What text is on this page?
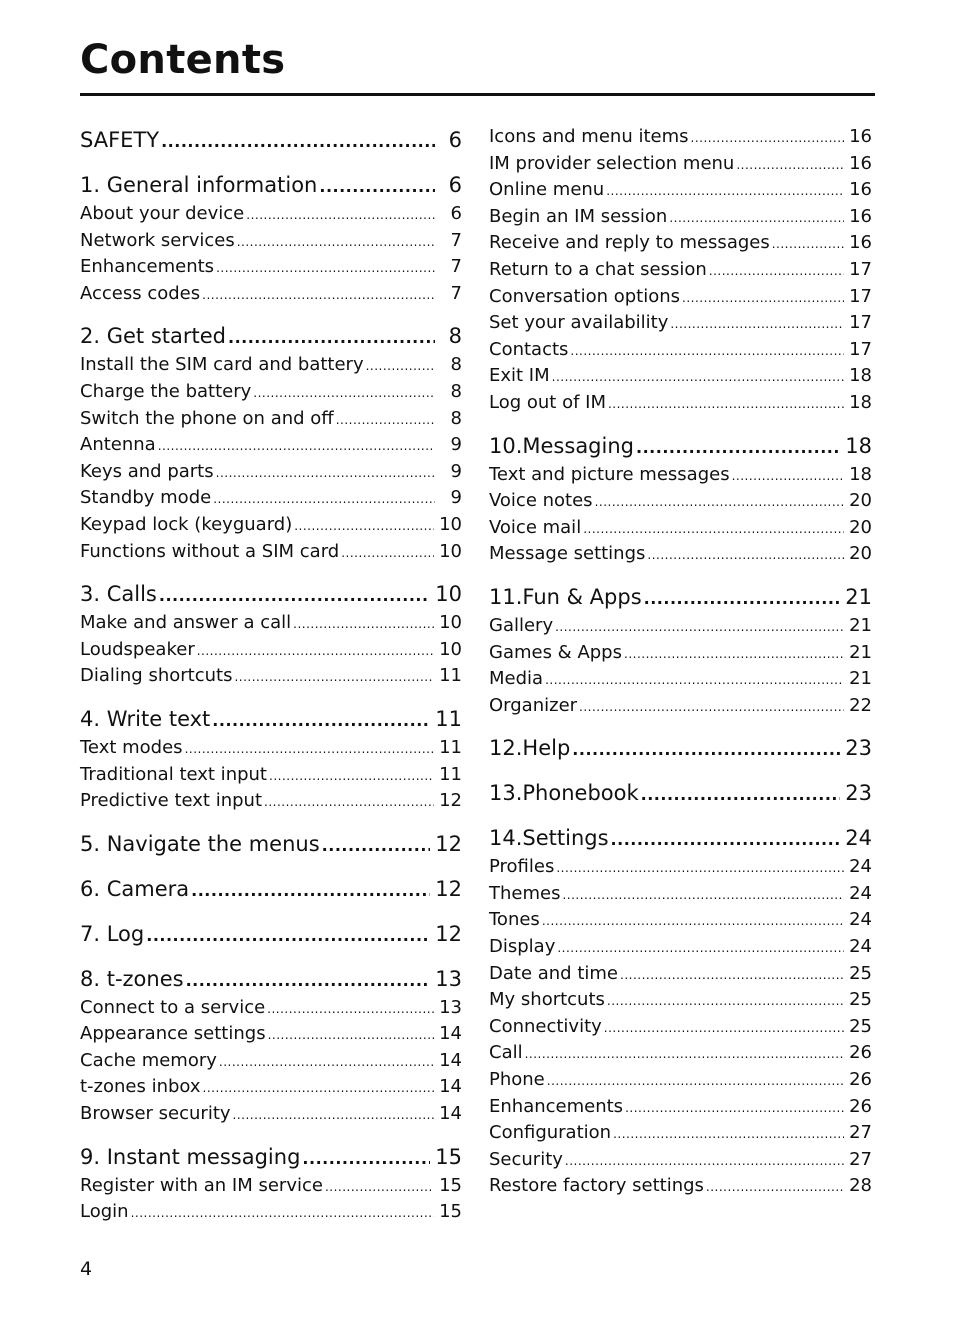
Contents
SAFETY .....	6
1. General information .....	6
About your device .....	6
Network services .....	7
Enhancements .....	7
Access codes .....	7
2. Get started .....	8
Install the SIM card and battery .....	8
Charge the battery .....	8
Switch the phone on and off .....	8
Antenna .....	9
Keys and parts .....	9
Standby mode .....	9
Keypad lock (keyguard) .....	10
Functions without a SIM card .....	10
3. Calls .....	10
Make and answer a call .....	10
Loudspeaker .....	10
Dialing shortcuts .....	11
4. Write text .....	11
Text modes .....	11
Traditional text input .....	11
Predictive text input .....	12
5. Navigate the menus .....	12
6. Camera .....	12
7. Log .....	12
8. t-zones .....	13
Connect to a service .....	13
Appearance settings .....	14
Cache memory .....	14
t-zones inbox .....	14
Browser security .....	14
9. Instant messaging .....	15
Register with an IM service .....	15
Login .....	15
Icons and menu items .....	16
IM provider selection menu .....	16
Online menu .....	16
Begin an IM session .....	16
Receive and reply to messages .....	16
Return to a chat session .....	17
Conversation options .....	17
Set your availability .....	17
Contacts .....	17
Exit IM .....	18
Log out of IM .....	18
10.Messaging .....	18
Text and picture messages .....	18
Voice notes .....	20
Voice mail .....	20
Message settings .....	20
11.Fun & Apps .....	21
Gallery .....	21
Games & Apps .....	21
Media .....	21
Organizer .....	22
12.Help .....	23
13.Phonebook .....	23
14.Settings .....	24
Profiles .....	24
Themes .....	24
Tones .....	24
Display .....	24
Date and time .....	25
My shortcuts .....	25
Connectivity .....	25
Call .....	26
Phone .....	26
Enhancements .....	26
Configuration .....	27
Security .....	27
Restore factory settings .....	28
4
